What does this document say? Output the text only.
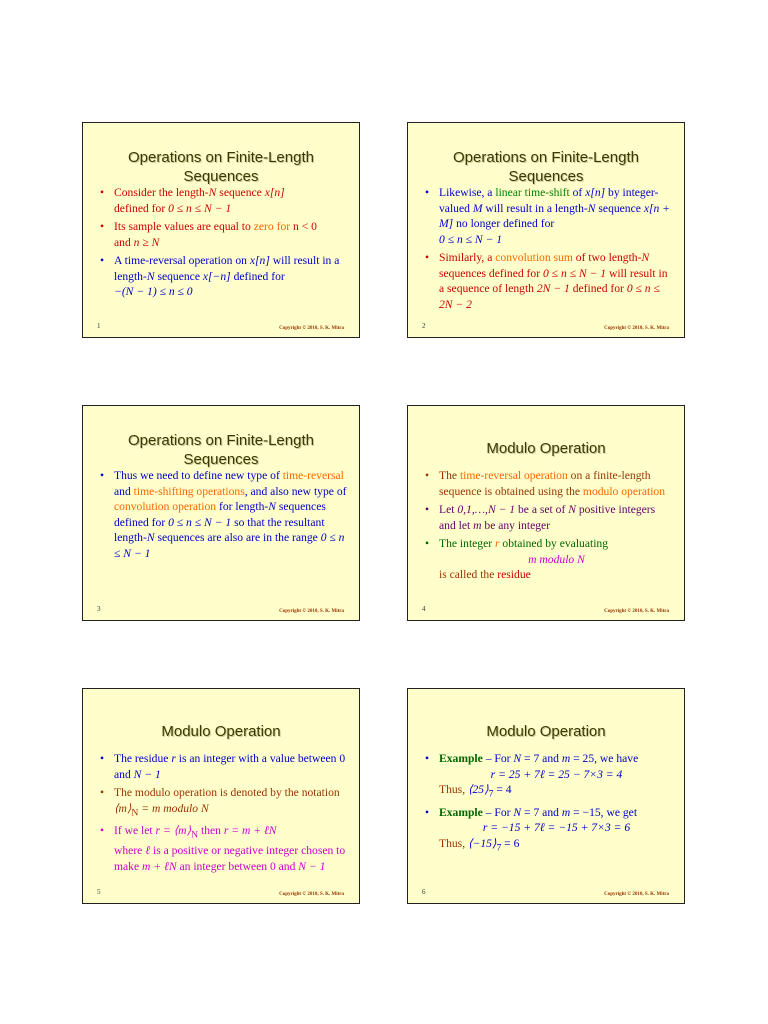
Operations on Finite-Length
Sequences
• Consider the length-N sequence x[n]
defined for 0 ≤ n ≤ N − 1
• Its sample values are equal to zero for n < 0
and n ≥ N
• A time-reversal operation on x[n] will result in a length-N sequence x[−n] defined for
−(N − 1) ≤ n ≤ 0
1	Copyright © 2010, S. K. Mitra
Operations on Finite-Length
Sequences
• Likewise, a linear time-shift of x[n] by integer-valued M will result in a length-N sequence x[n + M] no longer defined for
0 ≤ n ≤ N − 1
• Similarly, a convolution sum of two length-N sequences defined for 0 ≤ n ≤ N − 1 will result in a sequence of length 2N − 1 defined for 0 ≤ n ≤ 2N − 2
2	Copyright © 2010, S. K. Mitra
Operations on Finite-Length
Sequences
• Thus we need to define new type of time-reversal and time-shifting operations, and also new type of convolution operation for length-N sequences defined for 0 ≤ n ≤ N − 1 so that the resultant length-N sequences are also are in the range 0 ≤ n ≤ N − 1
3	Copyright © 2010, S. K. Mitra
Modulo Operation
• The time-reversal operation on a finite-length sequence is obtained using the modulo operation
• Let 0,1,…,N − 1 be a set of N positive integers and let m be any integer
• The integer r obtained by evaluating
m modulo N
is called the residue
4	Copyright © 2010, S. K. Mitra
Modulo Operation
• The residue r is an integer with a value between 0 and N − 1
• The modulo operation is denoted by the notation $⟨m⟩_N = m$ modulo N
• If we let $r = ⟨m⟩_N$ then r = m + ℓN
where ℓ is a positive or negative integer chosen to make m + ℓN an integer between 0 and N − 1
5	Copyright © 2010, S. K. Mitra
Modulo Operation
• Example – For N = 7 and m = 25, we have
r = 25 + 7ℓ = 25 − 7×3 = 4
Thus, $⟨25⟩_7 = 4$
• Example – For N = 7 and m = −15, we get
r = −15 + 7ℓ = −15 + 7×3 = 6
Thus, $⟨-15⟩_7 = 6$
6	Copyright © 2010, S. K. Mitra
